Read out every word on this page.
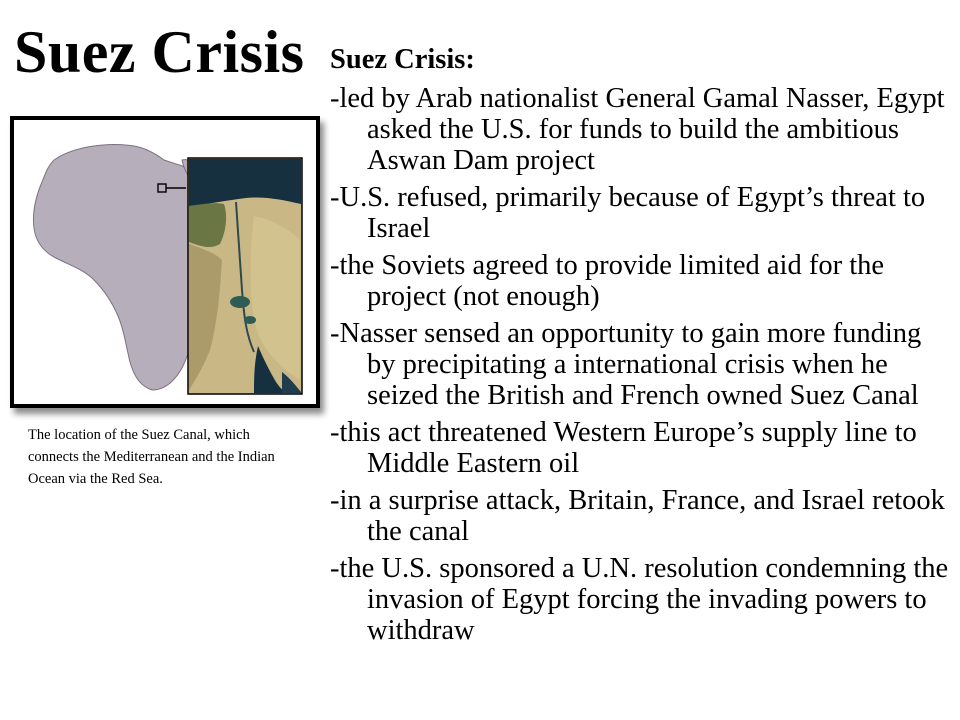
Suez Crisis
The location of the Suez Canal, which connects the Mediterranean and the Indian Ocean via the Red Sea.
Suez Crisis:
-led by Arab nationalist General Gamal Nasser, Egypt asked the U.S. for funds to build the ambitious Aswan Dam project
-U.S. refused, primarily because of Egypt’s threat to Israel
-the Soviets agreed to provide limited aid for the project (not enough)
-Nasser sensed an opportunity to gain more funding by precipitating a international crisis when he seized the British and French owned Suez Canal
-this act threatened Western Europe’s supply line to Middle Eastern oil
-in a surprise attack, Britain, France, and Israel retook the canal
-the U.S. sponsored a U.N. resolution condemning the invasion of Egypt forcing the invading powers to withdraw
